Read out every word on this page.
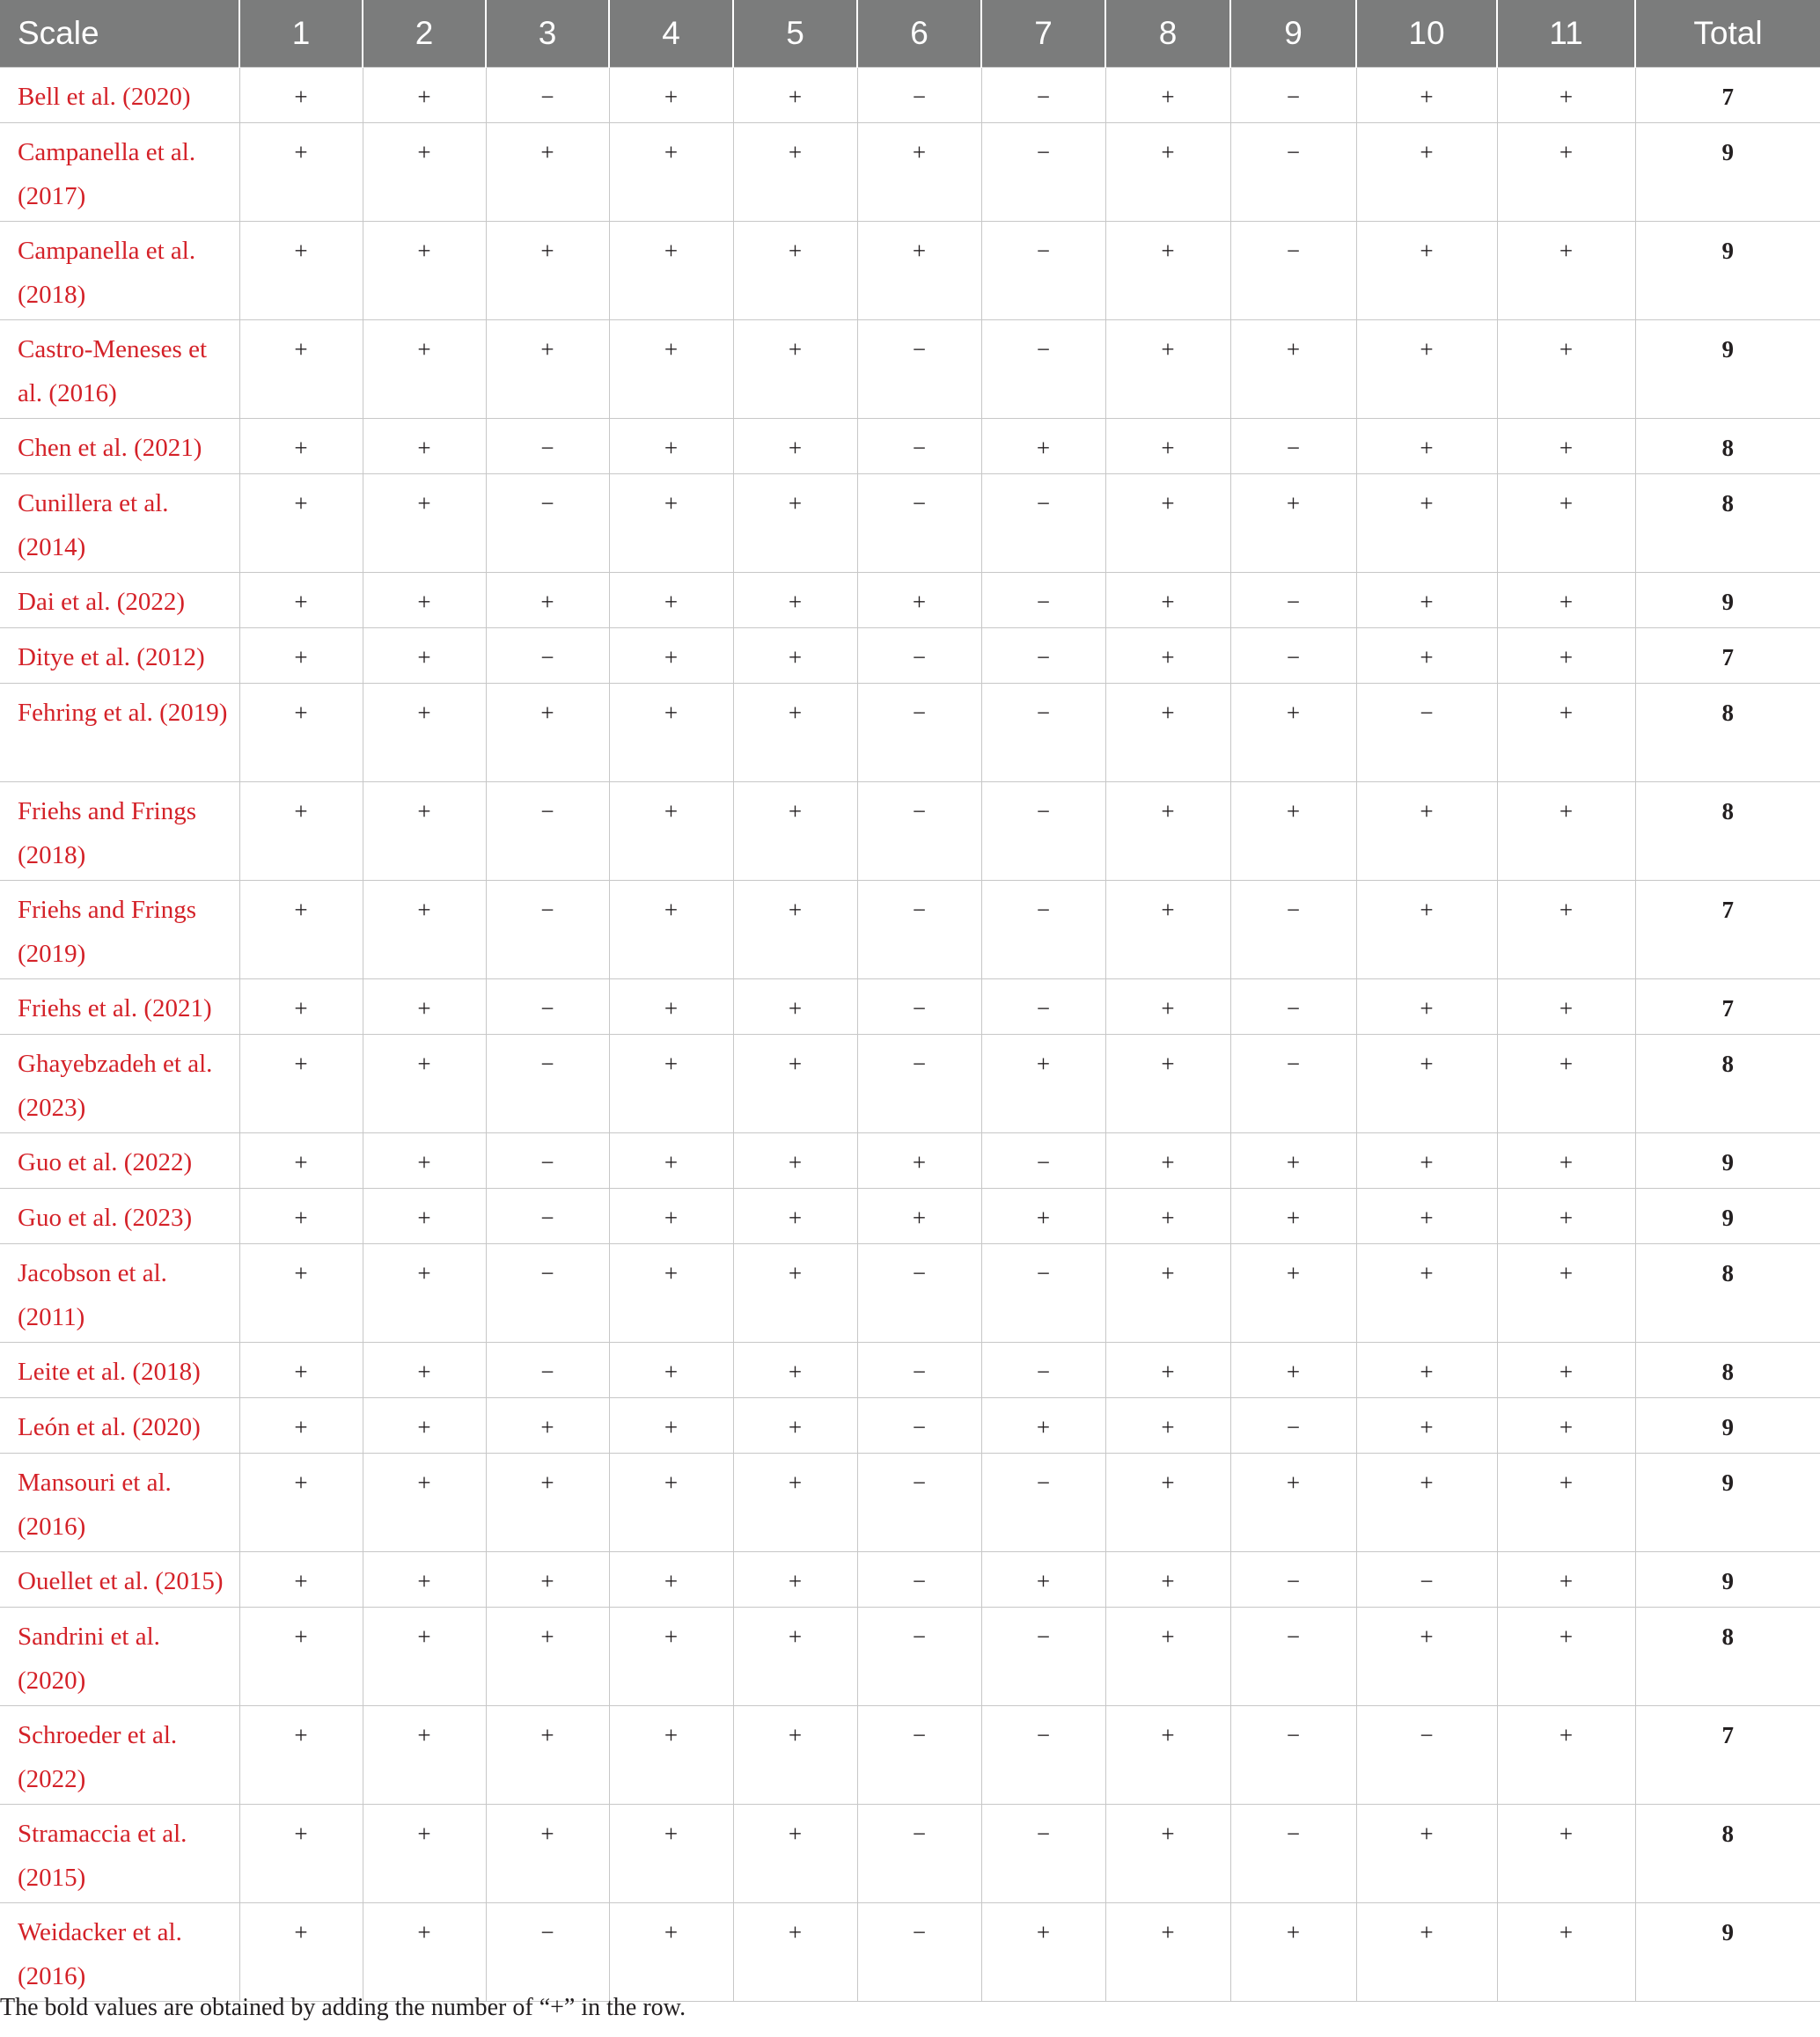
Scale	1	2	3	4	5	6	7	8	9	10	11	Total
Bell et al. (2020)	+	+	−	+	+	−	−	+	−	+	+	7
Campanella et al. (2017)	+	+	+	+	+	+	−	+	−	+	+	9
Campanella et al. (2018)	+	+	+	+	+	+	−	+	−	+	+	9
Castro-Meneses et al. (2016)	+	+	+	+	+	−	−	+	+	+	+	9
Chen et al. (2021)	+	+	−	+	+	−	+	+	−	+	+	8
Cunillera et al. (2014)	+	+	−	+	+	−	−	+	+	+	+	8
Dai et al. (2022)	+	+	+	+	+	+	−	+	−	+	+	9
Ditye et al. (2012)	+	+	−	+	+	−	−	+	−	+	+	7
Fehring et al. (2019)	+	+	+	+	+	−	−	+	+	−	+	8
Friehs and Frings (2018)	+	+	−	+	+	−	−	+	+	+	+	8
Friehs and Frings (2019)	+	+	−	+	+	−	−	+	−	+	+	7
Friehs et al. (2021)	+	+	−	+	+	−	−	+	−	+	+	7
Ghayebzadeh et al. (2023)	+	+	−	+	+	−	+	+	−	+	+	8
Guo et al. (2022)	+	+	−	+	+	+	−	+	+	+	+	9
Guo et al. (2023)	+	+	−	+	+	+	+	+	+	+	+	9
Jacobson et al. (2011)	+	+	−	+	+	−	−	+	+	+	+	8
Leite et al. (2018)	+	+	−	+	+	−	−	+	+	+	+	8
León et al. (2020)	+	+	+	+	+	−	+	+	−	+	+	9
Mansouri et al. (2016)	+	+	+	+	+	−	−	+	+	+	+	9
Ouellet et al. (2015)	+	+	+	+	+	−	+	+	−	−	+	9
Sandrini et al. (2020)	+	+	+	+	+	−	−	+	−	+	+	8
Schroeder et al. (2022)	+	+	+	+	+	−	−	+	−	−	+	7
Stramaccia et al. (2015)	+	+	+	+	+	−	−	+	−	+	+	8
Weidacker et al. (2016)	+	+	−	+	+	−	+	+	+	+	+	9
The bold values are obtained by adding the number of “+” in the row.
